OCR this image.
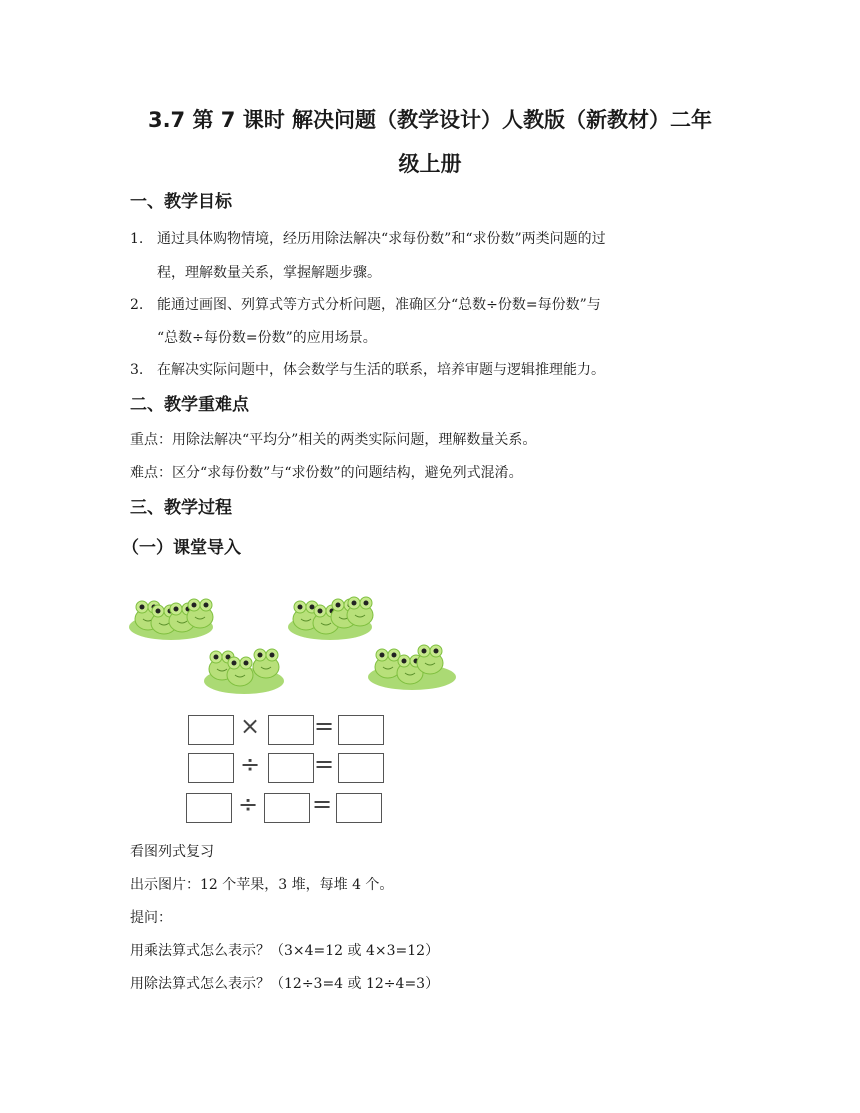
3.7 第 7 课时 解决问题（教学设计）人教版（新教材）二年
级上册
一、教学目标
1. 通过具体购物情境，经历用除法解决“求每份数”和“求份数”两类问题的过
程，理解数量关系，掌握解题步骤。
2. 能通过画图、列算式等方式分析问题，准确区分“总数÷份数=每份数”与
“总数÷每份数=份数”的应用场景。
3. 在解决实际问题中，体会数学与生活的联系，培养审题与逻辑推理能力。
二、教学重难点
重点：用除法解决“平均分”相关的两类实际问题，理解数量关系。
难点：区分“求每份数”与“求份数”的问题结构，避免列式混淆。
三、教学过程
（一）课堂导入
× =
÷ =
÷ =
看图列式复习
出示图片：12 个苹果，3 堆，每堆 4 个。
提问：
用乘法算式怎么表示？（3×4=12 或 4×3=12）
用除法算式怎么表示？（12÷3=4 或 12÷4=3）
